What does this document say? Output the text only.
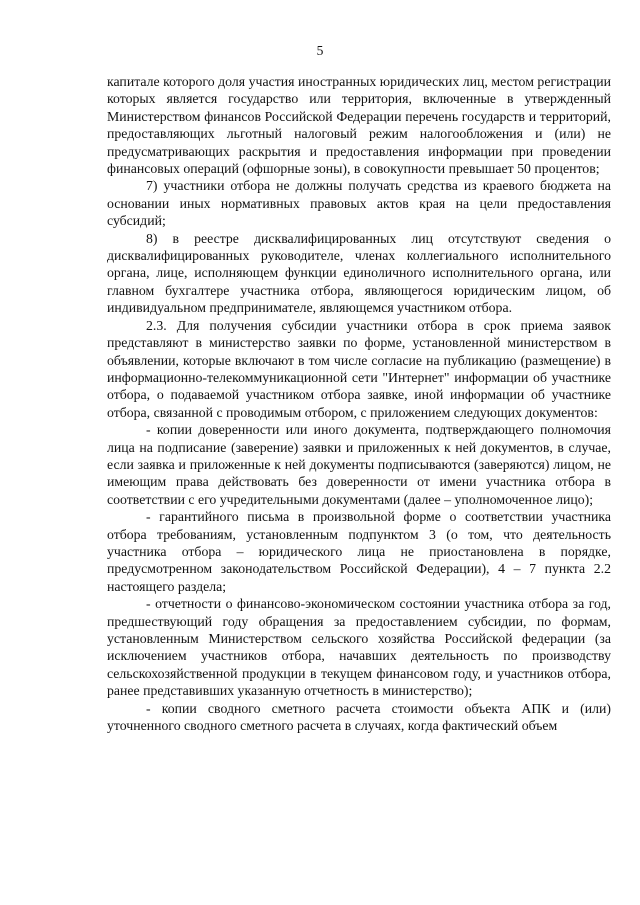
5

капитале которого доля участия иностранных юридических лиц, местом регистрации которых является государство или территория, включенные в утвержденный Министерством финансов Российской Федерации перечень государств и территорий, предоставляющих льготный налоговый режим налогообложения и (или) не предусматривающих раскрытия и предоставления информации при проведении финансовых операций (офшорные зоны), в совокупности превышает 50 процентов;

7) участники отбора не должны получать средства из краевого бюджета на основании иных нормативных правовых актов края на цели предоставления субсидий;

8) в реестре дисквалифицированных лиц отсутствуют сведения о дисквалифицированных руководителе, членах коллегиального исполнительного органа, лице, исполняющем функции единоличного исполнительного органа, или главном бухгалтере участника отбора, являющегося юридическим лицом, об индивидуальном предпринимателе, являющемся участником отбора.

2.3. Для получения субсидии участники отбора в срок приема заявок представляют в министерство заявки по форме, установленной министерством в объявлении, которые включают в том числе согласие на публикацию (размещение) в информационно-телекоммуникационной сети "Интернет" информации об участнике отбора, о подаваемой участником отбора заявке, иной информации об участнике отбора, связанной с проводимым отбором, с приложением следующих документов:

- копии доверенности или иного документа, подтверждающего полномочия лица на подписание (заверение) заявки и приложенных к ней документов, в случае, если заявка и приложенные к ней документы подписываются (заверяются) лицом, не имеющим права действовать без доверенности от имени участника отбора в соответствии с его учредительными документами (далее – уполномоченное лицо);

- гарантийного письма в произвольной форме о соответствии участника отбора требованиям, установленным подпунктом 3 (о том, что деятельность участника отбора – юридического лица не приостановлена в порядке, предусмотренном законодательством Российской Федерации), 4 – 7 пункта 2.2 настоящего раздела;

- отчетности о финансово-экономическом состоянии участника отбора за год, предшествующий году обращения за предоставлением субсидии, по формам, установленным Министерством сельского хозяйства Российской федерации (за исключением участников отбора, начавших деятельность по производству сельскохозяйственной продукции в текущем финансовом году, и участников отбора, ранее представивших указанную отчетность в министерство);

- копии сводного сметного расчета стоимости объекта АПК и (или) уточненного сводного сметного расчета в случаях, когда фактический объем
